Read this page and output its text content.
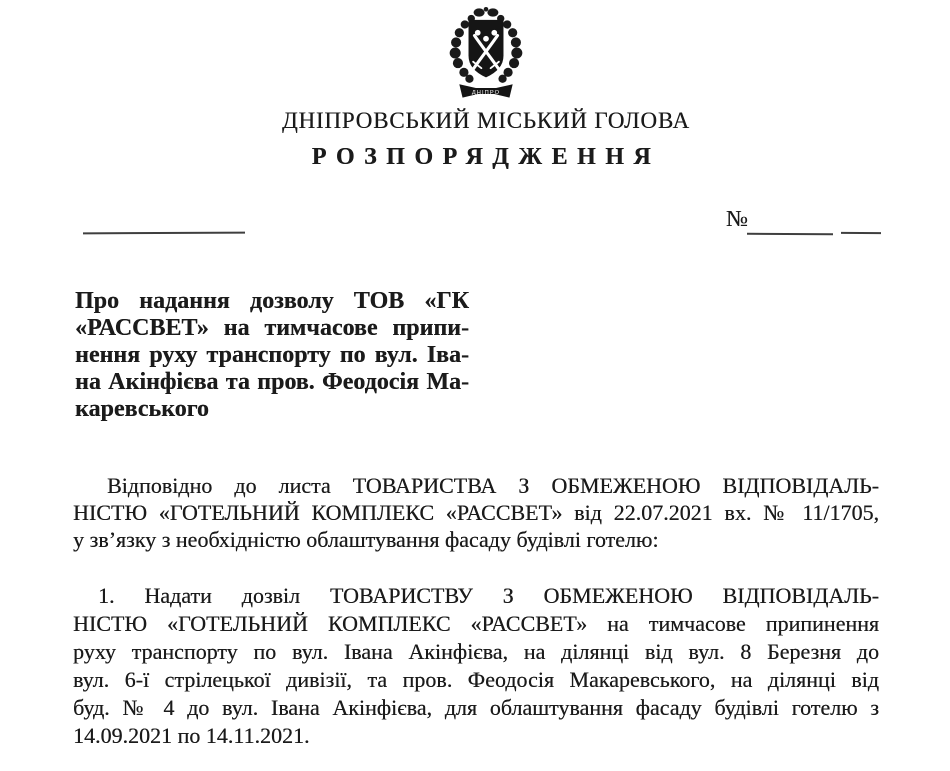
ДНІПРО
ДНІПРОВСЬКИЙ МІСЬКИЙ ГОЛОВА
РОЗПОРЯДЖЕННЯ
№
Про надання дозволу ТОВ «ГК
«РАССВЕТ» на тимчасове припи-
нення руху транспорту по вул. Іва-
на Акінфієва та пров. Феодосія Ма-
каревського
Відповідно до листа ТОВАРИСТВА З ОБМЕЖЕНОЮ ВІДПОВІДАЛЬ-
НІСТЮ «ГОТЕЛЬНИЙ КОМПЛЕКС «РАССВЕТ» від 22.07.2021 вх. № 11/1705,
у зв’язку з необхідністю облаштування фасаду будівлі готелю:
1. Надати дозвіл ТОВАРИСТВУ З ОБМЕЖЕНОЮ ВІДПОВІДАЛЬ-
НІСТЮ «ГОТЕЛЬНИЙ КОМПЛЕКС «РАССВЕТ» на тимчасове припинення
руху транспорту по вул. Івана Акінфієва, на ділянці від вул. 8 Березня до
вул. 6-ї стрілецької дивізії, та пров. Феодосія Макаревського, на ділянці від
буд. № 4 до вул. Івана Акінфієва, для облаштування фасаду будівлі готелю з
14.09.2021 по 14.11.2021.
